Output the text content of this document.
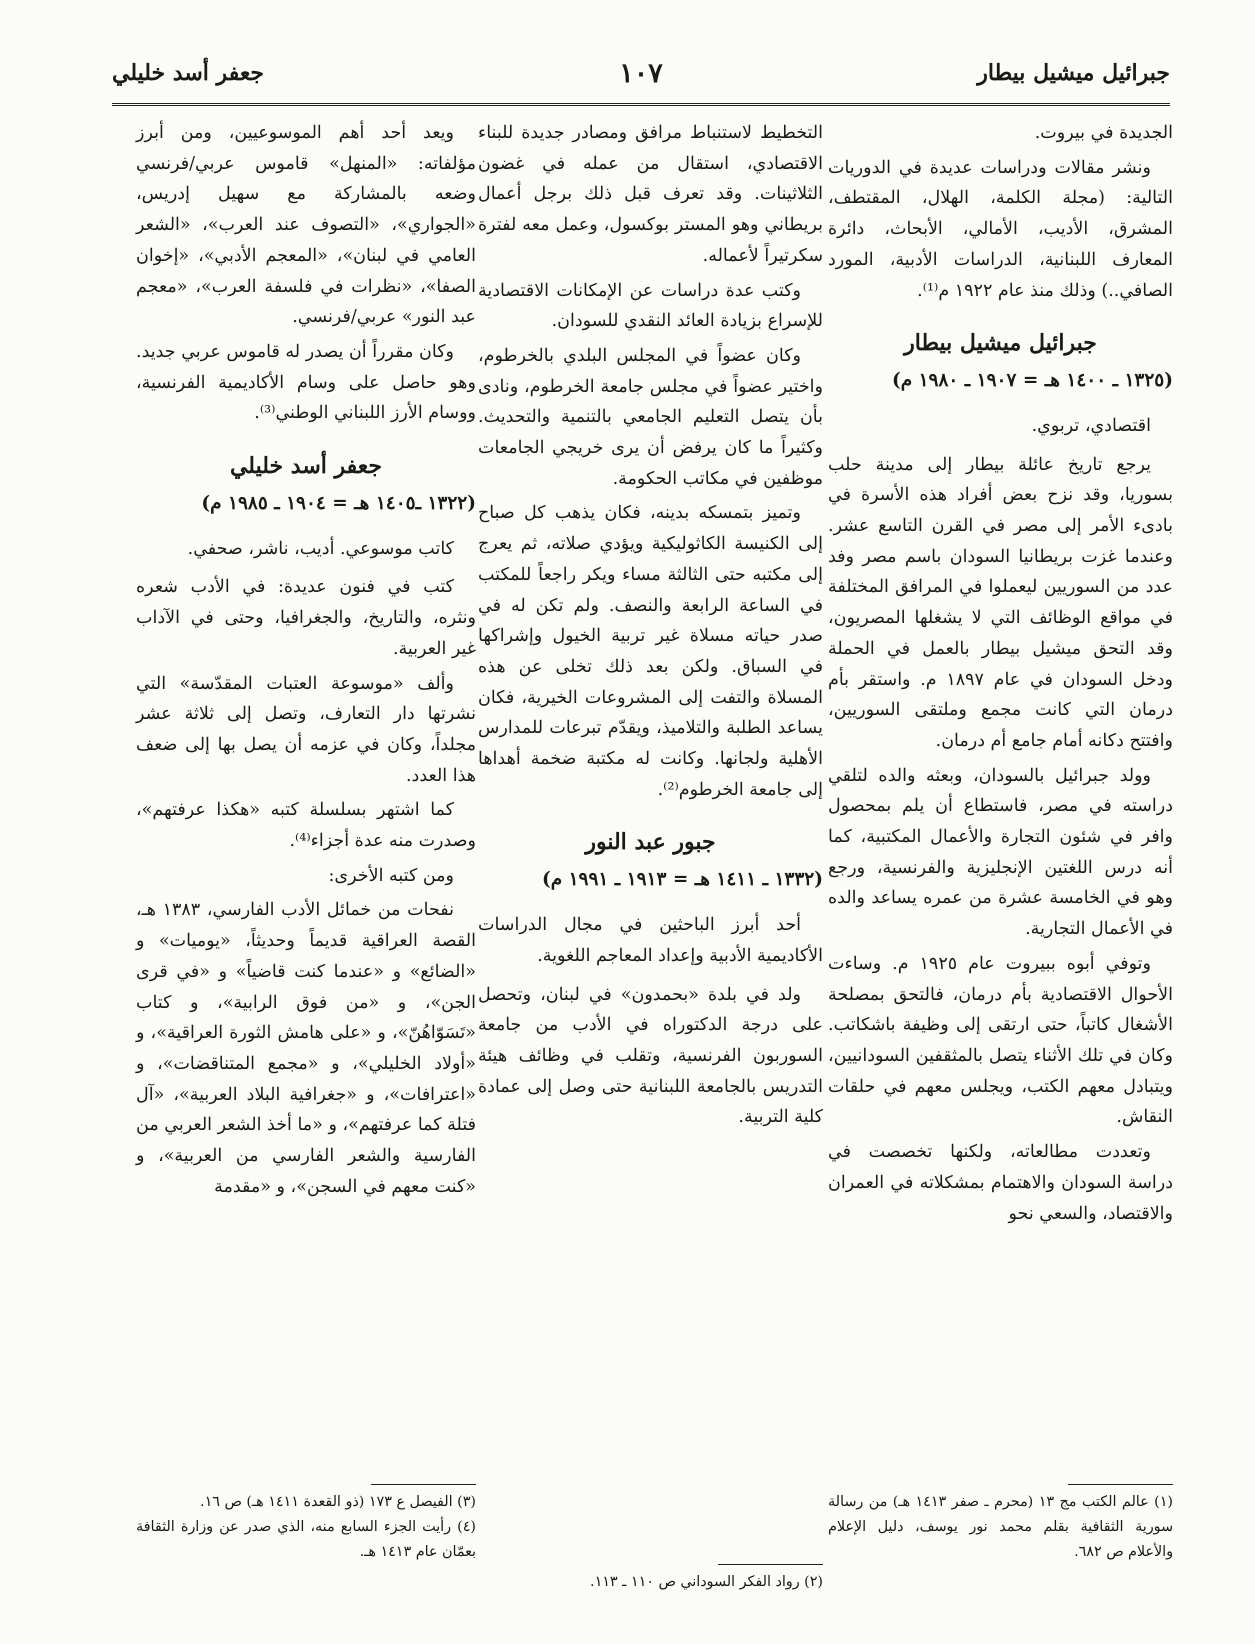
جبرائيل ميشيل بيطار
١٠٧
جعفر أسد خليلي

الجديدة في بيروت.

ونشر مقالات ودراسات عديدة في الدوريات التالية: (مجلة الكلمة، الهلال، المقتطف، المشرق، الأديب، الأمالي، الأبحاث، دائرة المعارف اللبنانية، الدراسات الأدبية، المورد الصافي..) وذلك منذ عام ١٩٢٢ م⁽¹⁾.

جبرائيل ميشيل بيطار

(١٣٢٥ ـ ١٤٠٠ هـ = ١٩٠٧ ـ ١٩٨٠ م)

اقتصادي، تربوي.

يرجع تاريخ عائلة بيطار إلى مدينة حلب بسوريا، وقد نزح بعض أفراد هذه الأسرة في بادىء الأمر إلى مصر في القرن التاسع عشر. وعندما غزت بريطانيا السودان باسم مصر وفد عدد من السوريين ليعملوا في المرافق المختلفة في مواقع الوظائف التي لا يشغلها المصريون، وقد التحق ميشيل بيطار بالعمل في الحملة ودخل السودان في عام ١٨٩٧ م. واستقر بأم درمان التي كانت مجمع وملتقى السوريين، وافتتح دكانه أمام جامع أم درمان.

وولد جبرائيل بالسودان، وبعثه والده لتلقي دراسته في مصر، فاستطاع أن يلم بمحصول وافر في شئون التجارة والأعمال المكتبية، كما أنه درس اللغتين الإنجليزية والفرنسية، ورجع وهو في الخامسة عشرة من عمره يساعد والده في الأعمال التجارية.

وتوفي أبوه ببيروت عام ١٩٢٥ م. وساءت الأحوال الاقتصادية بأم درمان، فالتحق بمصلحة الأشغال كاتباً، حتى ارتقى إلى وظيفة باشكاتب. وكان في تلك الأثناء يتصل بالمثقفين السودانيين، ويتبادل معهم الكتب، ويجلس معهم في حلقات النقاش.

وتعددت مطالعاته، ولكنها تخصصت في دراسة السودان والاهتمام بمشكلاته في العمران والاقتصاد، والسعي نحو

التخطيط لاستنباط مرافق ومصادر جديدة للبناء الاقتصادي، استقال من عمله في غضون الثلاثينات. وقد تعرف قبل ذلك برجل أعمال بريطاني وهو المستر بوكسول، وعمل معه لفترة سكرتيراً لأعماله.

وكتب عدة دراسات عن الإمكانات الاقتصادية للإسراع بزيادة العائد النقدي للسودان.

وكان عضواً في المجلس البلدي بالخرطوم، واختير عضواً في مجلس جامعة الخرطوم، ونادى بأن يتصل التعليم الجامعي بالتنمية والتحديث. وكثيراً ما كان يرفض أن يرى خريجي الجامعات موظفين في مكاتب الحكومة.

وتميز بتمسكه بدينه، فكان يذهب كل صباح إلى الكنيسة الكاثوليكية ويؤدي صلاته، ثم يعرج إلى مكتبه حتى الثالثة مساء ويكر راجعاً للمكتب في الساعة الرابعة والنصف. ولم تكن له في صدر حياته مسلاة غير تربية الخيول وإشراكها في السباق. ولكن بعد ذلك تخلى عن هذه المسلاة والتفت إلى المشروعات الخيرية، فكان يساعد الطلبة والتلاميذ، ويقدّم تبرعات للمدارس الأهلية ولجانها. وكانت له مكتبة ضخمة أهداها إلى جامعة الخرطوم⁽²⁾.

جبور عبد النور

(١٣٣٢ ـ ١٤١١ هـ = ١٩١٣ ـ ١٩٩١ م)

أحد أبرز الباحثين في مجال الدراسات الأكاديمية الأدبية وإعداد المعاجم اللغوية.

ولد في بلدة «بحمدون» في لبنان، وتحصل على درجة الدكتوراه في الأدب من جامعة السوربون الفرنسية، وتقلب في وظائف هيئة التدريس بالجامعة اللبنانية حتى وصل إلى عمادة كلية التربية.

ويعد أحد أهم الموسوعيين، ومن أبرز مؤلفاته: «المنهل» قاموس عربي/فرنسي وضعه بالمشاركة مع سهيل إدريس، «الجواري»، «التصوف عند العرب»، «الشعر العامي في لبنان»، «المعجم الأدبي»، «إخوان الصفا»، «نظرات في فلسفة العرب»، «معجم عبد النور» عربي/فرنسي.

وكان مقرراً أن يصدر له قاموس عربي جديد. وهو حاصل على وسام الأكاديمية الفرنسية، ووسام الأرز اللبناني الوطني⁽³⁾.

جعفر أسد خليلي

(١٣٢٢ ـ١٤٠٥ هـ = ١٩٠٤ ـ ١٩٨٥ م)

كاتب موسوعي. أديب، ناشر، صحفي.

كتب في فنون عديدة: في الأدب شعره ونثره، والتاريخ، والجغرافيا، وحتى في الآداب غير العربية.

وألف «موسوعة العتبات المقدّسة» التي نشرتها دار التعارف، وتصل إلى ثلاثة عشر مجلداً، وكان في عزمه أن يصل بها إلى ضعف هذا العدد.

كما اشتهر بسلسلة كتبه «هكذا عرفتهم»، وصدرت منه عدة أجزاء⁽⁴⁾.

ومن كتبه الأخرى:

نفحات من خمائل الأدب الفارسي، ١٣٨٣ هـ، القصة العراقية قديماً وحديثاً، «يوميات» و «الضائع» و «عندما كنت قاضياً» و «في قرى الجن»، و «من فوق الرابية»، و كتاب «تَسَوّاهُنّ»، و «على هامش الثورة العراقية»، و «أولاد الخليلي»، و «مجمع المتناقضات»، و «اعترافات»، و «جغرافية البلاد العربية»، «آل فتلة كما عرفتهم»، و «ما أخذ الشعر العربي من الفارسية والشعر الفارسي من العربية»، و «كنت معهم في السجن»، و «مقدمة

(١) عالم الكتب مج ١٣ (محرم ـ صفر ١٤١٣ هـ) من رسالة سورية الثقافية بقلم محمد نور يوسف، دليل الإعلام والأعلام ص ٦٨٢.

(٢) رواد الفكر السوداني ص ١١٠ ـ ١١٣.

(٣) الفيصل ع ١٧٣ (ذو القعدة ١٤١١ هـ) ص ١٦.

(٤) رأيت الجزء السابع منه، الذي صدر عن وزارة الثقافة بعمّان عام ١٤١٣ هـ.
